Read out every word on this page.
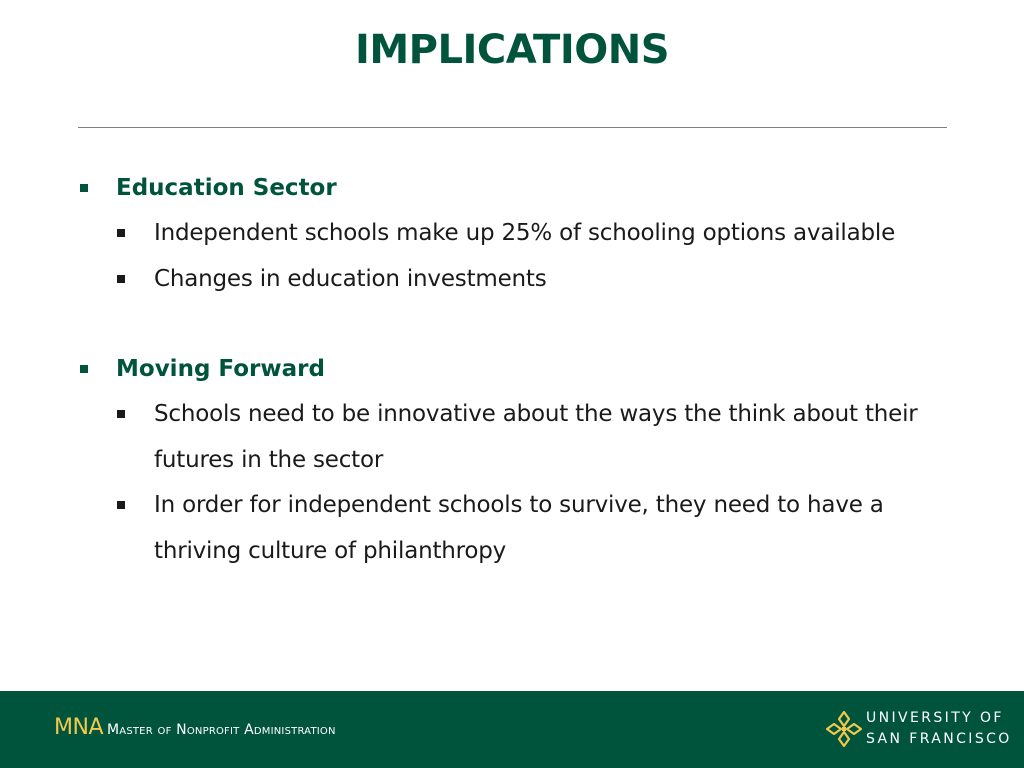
IMPLICATIONS
Education Sector
Independent schools make up 25% of schooling options available
Changes in education investments
Moving Forward
Schools need to be innovative about the ways the think about their futures in the sector
In order for independent schools to survive, they need to have a thriving culture of philanthropy
MNA Master of Nonprofit Administration
UNIVERSITY OF
SAN FRANCISCO
